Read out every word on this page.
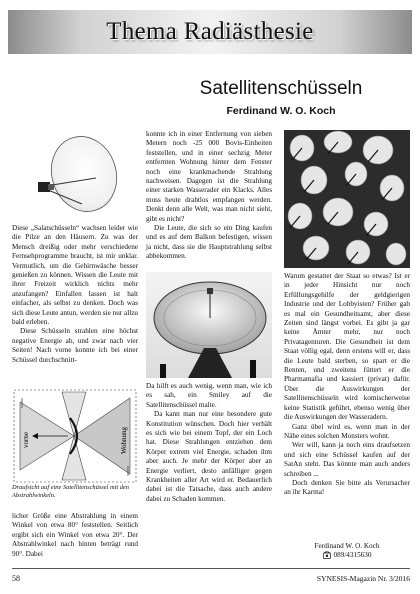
Thema Radiästhesie
Satellitenschüsseln
Ferdinand W. O. Koch

Diese „Salatschüsseln“ wachsen leider wie die Pilze an den Häusern. Zu was der Mensch dreißig oder mehr verschiedene Fernsehprogramme braucht, ist mir unklar. Vermutlich, um die Gehirnwäsche besser genießen zu können. Wissen die Leute mit ihrer Freizeit wirklich nichts mehr anzufangen? Einfallen lassen ist halt einfacher, als selbst zu denken. Doch was sich diese Leute antun, werden sie nur allzu bald erleben.

Diese Schüsseln strahlen eine höchst negative Energie ab, und zwar nach vier Seiten! Nach vorne konnte ich bei einer Schüssel durchschnitt-

vorne	Wohnung
Draufsicht auf eine Satellitenschüssel mit den Abstrahlwinkeln.

licher Größe eine Abstrahlung in einem Winkel von etwa 80° feststellen. Seitlich ergibt sich ein Winkel von etwa 20°. Der Abstrahlwinkel nach hinten beträgt rund 90°. Dabei

konnte ich in einer Entfernung von sieben Metern noch -25 000 Bovis-Einheiten feststellen, und in einer sechzig Meter entfernten Wohnung hinter dem Fenster noch eine krankmachende Strahlung nachweisen. Dagegen ist die Strahlung einer starken Wasserader ein Klacks. Alles muss heute drahtlos empfangen werden. Denkt denn alle Welt, was man nicht sieht, gibt es nicht?

Die Leute, die sich so ein Ding kaufen und es auf dem Balkon befestigen, wissen ja nicht, dass sie die Hauptstrahlung selbst abbekommen.

Da hilft es auch wenig, wenn man, wie ich es sah, ein Smiley auf die Satellitenschüssel malte.

Da kann man nur eine besondere gute Konstitution wünschen. Doch hier verhält es sich wie bei einem Topf, der ein Loch hat. Diese Strahlungen entziehen dem Körper extrem viel Energie, schaden ihm aber auch. Je mehr der Körper aber an Energie verliert, desto anfälliger gegen Krankheiten aller Art wird er. Bedauerlich dabei ist die Tatsache, dass auch andere dabei zu Schaden kommen.

Warum gestattet der Staat so etwas? Ist er in jeder Hinsicht nur noch Erfüllungsgehilfe der geldgierigen Industrie und der Lobbyisten? Früher gab es mal ein Gesundheitsamt, aber diese Zeiten sind längst vorbei. Es gibt ja gar keine Ämter mehr, nur noch Privatagenturen. Die Gesundheit ist dem Staat völlig egal, denn erstens will er, dass die Leute bald sterben, so spart er die Renten, und zweitens füttert er die Pharmamafia und kassiert (privat) dafür. Über die Auswirkungen der Satellitenschüsseln wird komischerweise keine Statistik geführt, ebenso wenig über die Auswirkungen der Wasseradern.

Ganz übel wird es, wenn man in der Nähe eines solchen Monsters wohnt.

Wer will, kann ja noch eins draufsetzen und sich eine Schüssel kaufen auf der SatAn steht. Das könnte man auch anders schreiben ...

Doch denken Sie bitte als Verursacher an ihr Karma!

Ferdinand W. O. Koch
089/4315630
58	SYNESIS-Magazin Nr. 3/2016
